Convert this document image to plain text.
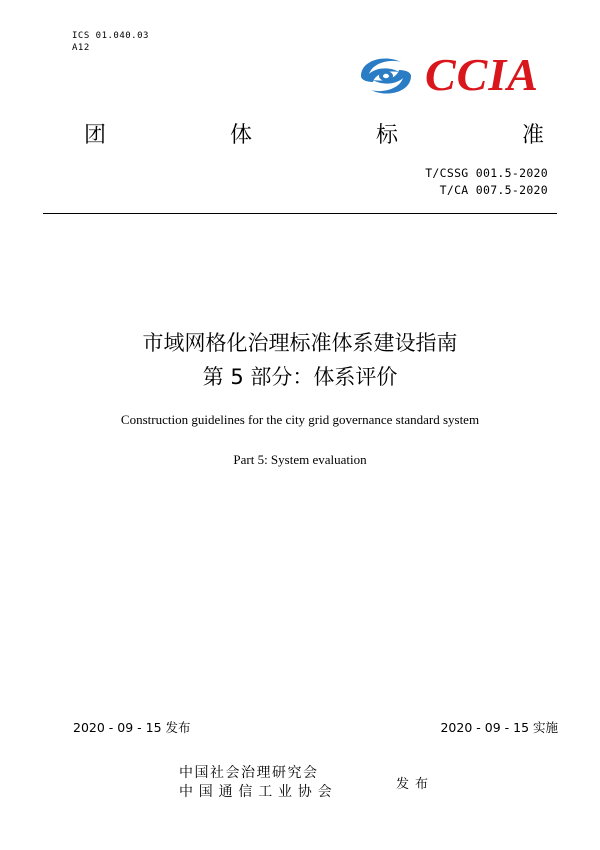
ICS 01.040.03
A12
CCIA
团	体	标	准
T/CSSG 001.5-2020
T/CA 007.5-2020
市域网格化治理标准体系建设指南
第 5 部分：体系评价
Construction guidelines for the city grid governance standard system
Part 5: System evaluation
2020 - 09 - 15 发布	2020 - 09 - 15 实施
中国社会治理研究会
中国通信工业协会	发布
